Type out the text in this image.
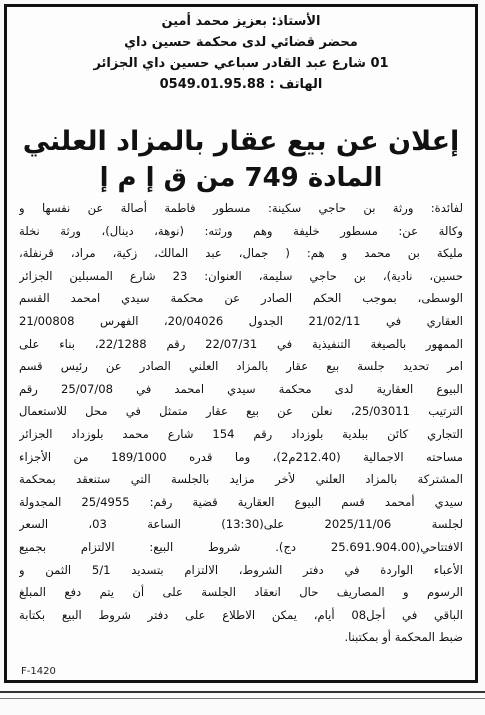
الأستاذ: بعزيز محمد أمين
محضر قضائي لدى محكمة حسين داي
01 شارع عبد القادر سباعي حسين داي الجزائر
الهاتف : 0549.01.95.88
إعلان عن بيع عقار بالمزاد العلني
المادة 749 من ق إ م إ
لفائدة: ورثة بن حاجي سكينة: مسطور فاطمة أصالة عن نفسها و
وكالة عن: مسطور خليفة وهم ورثته: (نوهة، دينال)، ورثة نخلة
مليكة بن محمد و هم: ( جمال، عبد المالك، زكية، مراد، قرنفلة،
حسين، نادية)، بن حاجي سليمة، العنوان: 23 شارع المسبلين الجزائر
الوسطى، بموجب الحكم الصادر عن محكمة سيدي امحمد القسم
العقاري في 21/02/11 الجدول 20/04026، الفهرس 21/00808
الممهور بالصيغة التنفيذية في 22/07/31 رقم 22/1288، بناء على
امر تحديد جلسة بيع عقار بالمزاد العلني الصادر عن رئيس قسم
البيوع العقارية لدى محكمة سيدي امحمد في 25/07/08 رقم
الترتيب 25/03011، نعلن عن بيع عقار متمثل في محل للاستعمال
التجاري كائن ببلدية بلوزداد رقم 154 شارع محمد بلوزداد الجزائر
مساحته الاجمالية (212.40م2)، وما قدره 189/1000 من الأجزاء
المشتركة بالمزاد العلني لأخر مزايد بالجلسة التي ستنعقد بمحكمة
سيدي أمحمد قسم البيوع العقارية قضية رقم: 25/4955 المجدولة
لجلسة 2025/11/06 على(13:30) الساعة 03، السعر
الافتتاحي(25.691.904.00 دج). شروط البيع: الالتزام بجميع
الأعباء الواردة في دفتر الشروط، الالتزام بتسديد 5/1 الثمن و
الرسوم و المصاريف حال انعقاد الجلسة على أن يتم دفع المبلغ
الباقي في أجل08 أيام، يمكن الاطلاع على دفتر شروط البيع بكتابة
ضبط المحكمة أو بمكتبنا.
F-1420
